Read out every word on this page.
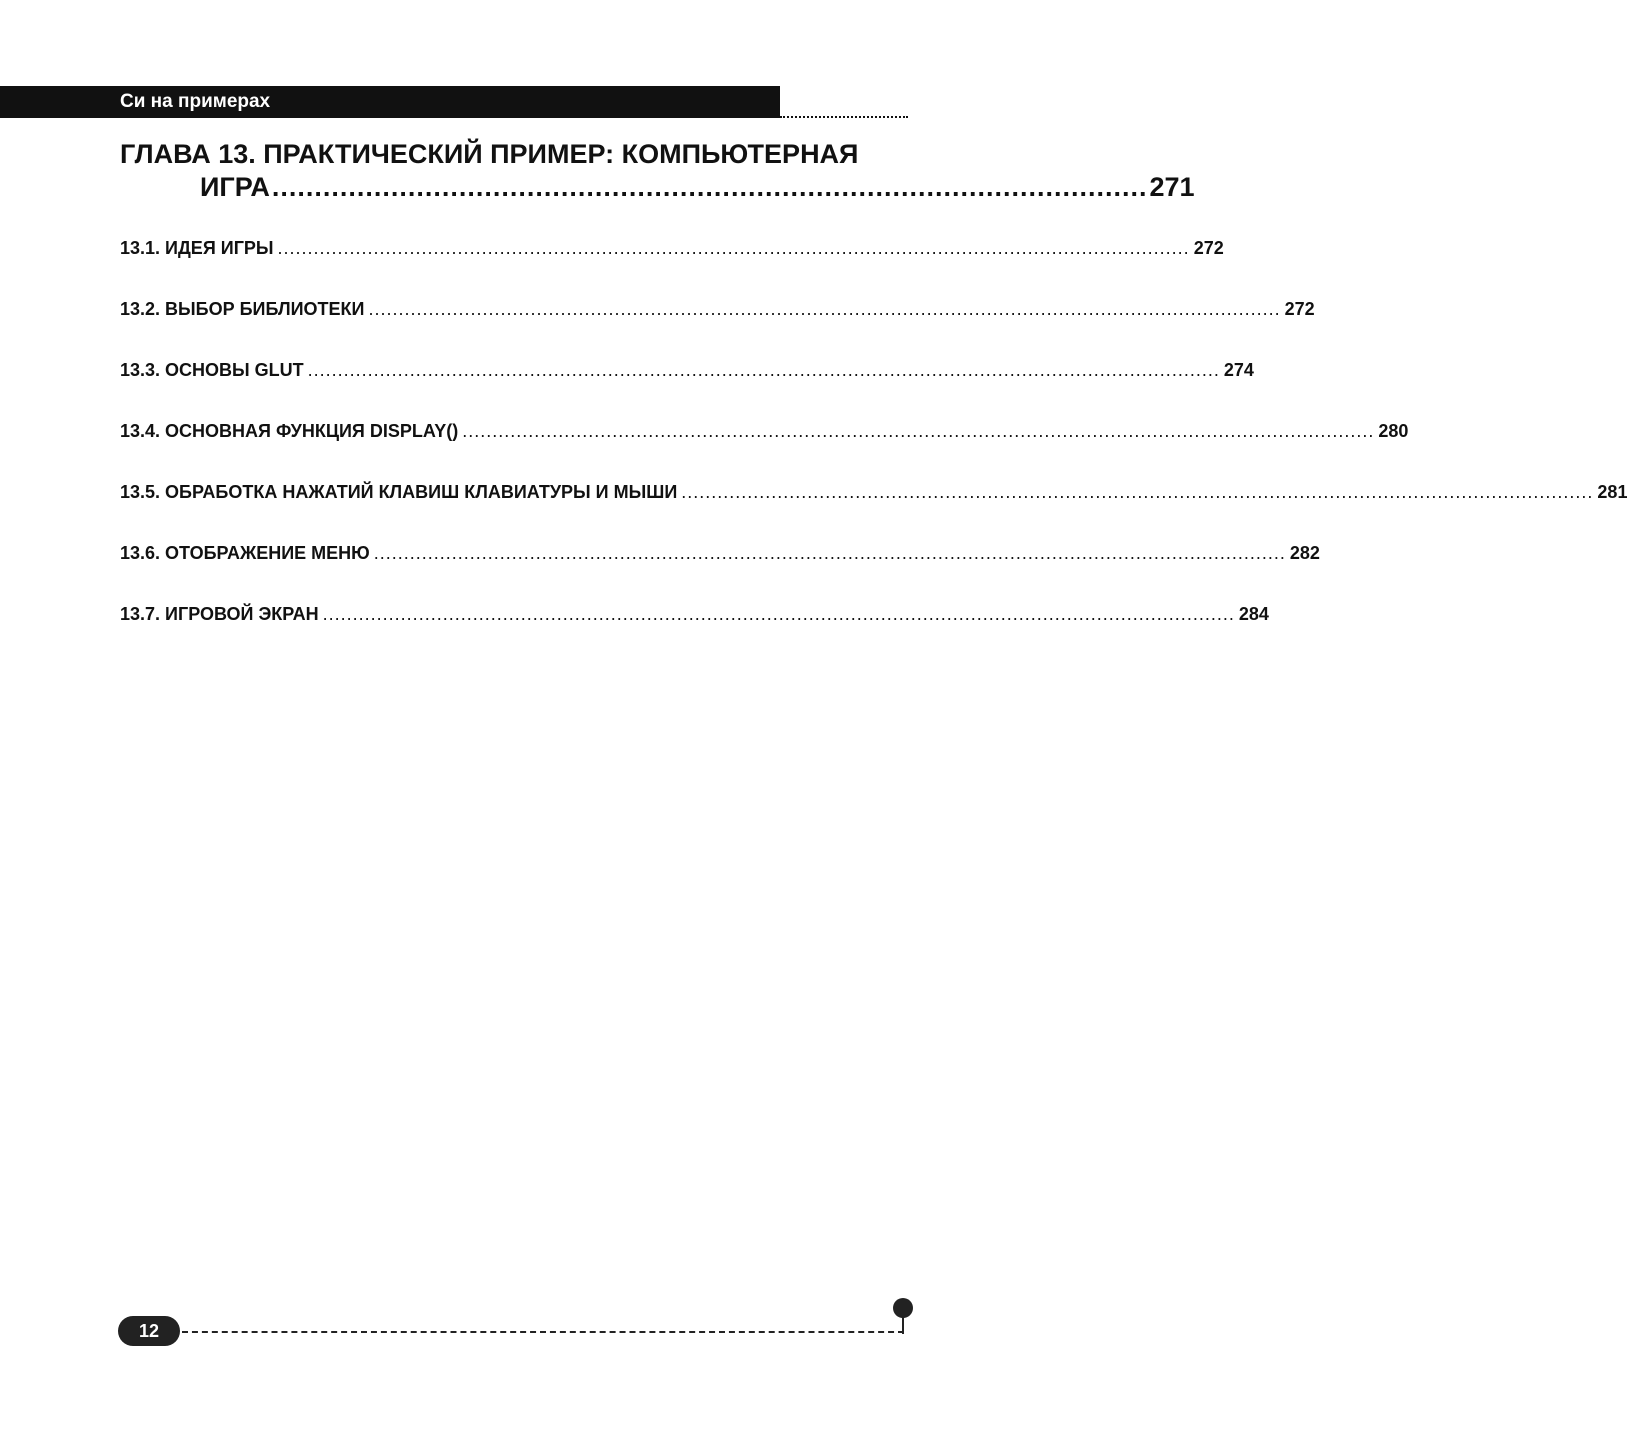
Си на примерах
ГЛАВА 13. ПРАКТИЧЕСКИЙ ПРИМЕР: КОМПЬЮТЕРНАЯ
ИГРА ....................................................................................................... 271
13.1. ИДЕЯ ИГРЫ ........................................................................................................................................................ 272
13.2. ВЫБОР БИБЛИОТЕКИ ........................................................................................................................................................ 272
13.3. ОСНОВЫ GLUT ........................................................................................................................................................ 274
13.4. ОСНОВНАЯ ФУНКЦИЯ DISPLAY() ........................................................................................................................................................ 280
13.5. ОБРАБОТКА НАЖАТИЙ КЛАВИШ КЛАВИАТУРЫ И МЫШИ ........................................................................................................................................................ 281
13.6. ОТОБРАЖЕНИЕ МЕНЮ ........................................................................................................................................................ 282
13.7. ИГРОВОЙ ЭКРАН ........................................................................................................................................................ 284
12
